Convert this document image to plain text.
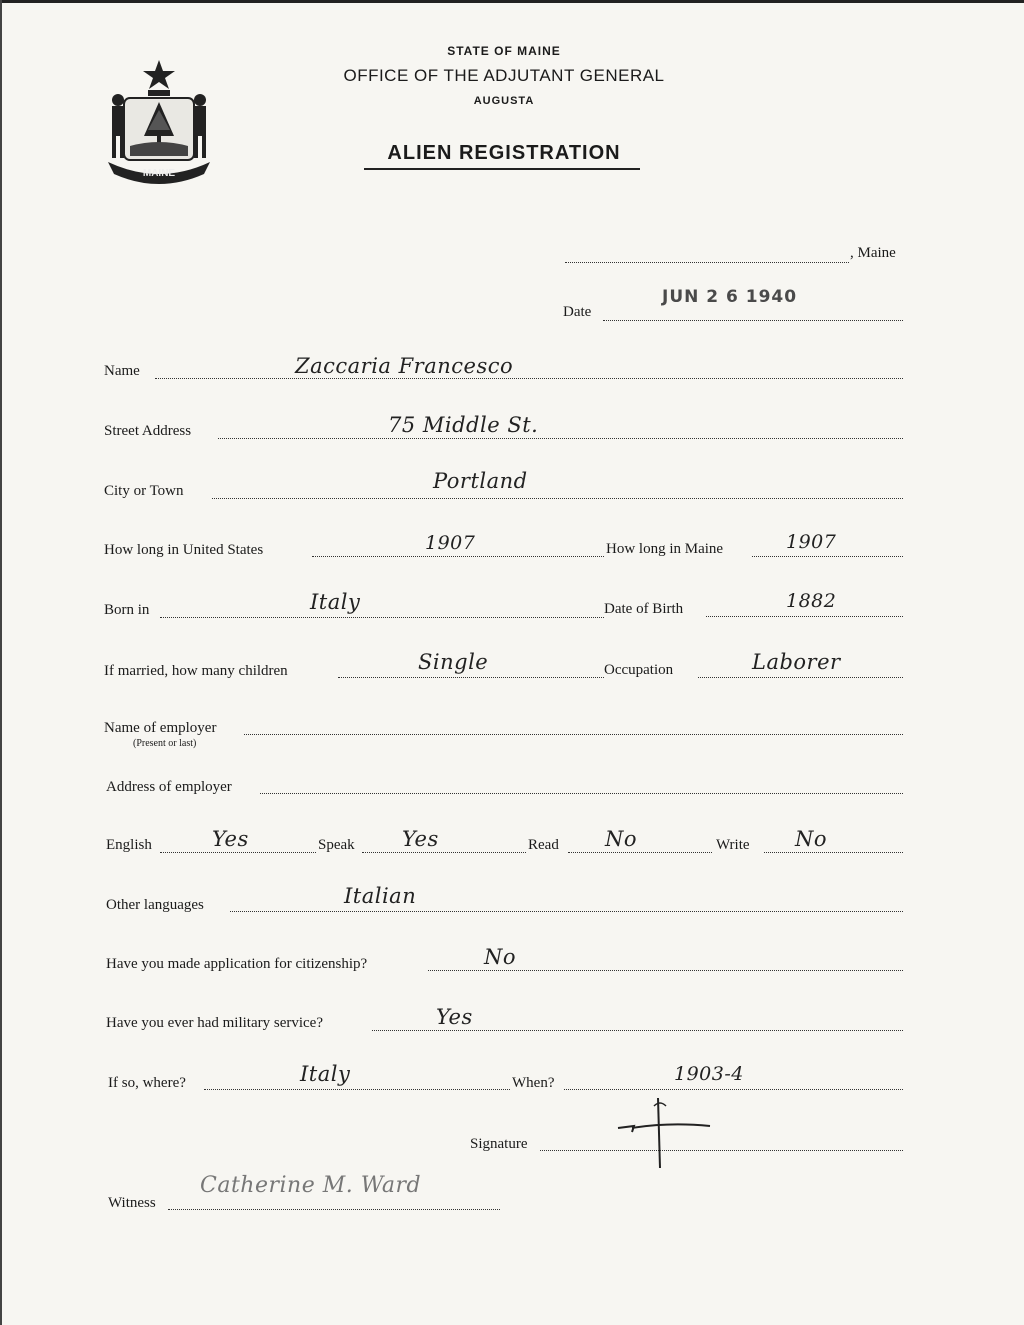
MAINE
STATE OF MAINE
OFFICE OF THE ADJUTANT GENERAL
AUGUSTA
ALIEN REGISTRATION
, Maine
Date
JUN 2 6 1940
Name	Zaccaria Francesco
Street Address	75 Middle St.
City or Town	Portland
How long in United States	1907	How long in Maine	1907
Born in	Italy	Date of Birth	1882
If married, how many children	Single	Occupation	Laborer
Name of employer
(Present or last)
Address of employer
English	Yes	Speak Yes	Read No	Write No
Other languages	Italian
Have you made application for citizenship?	No
Have you ever had military service?	Yes
If so, where?	Italy	When?	1903-4
Signature
Witness
Catherine M. Ward
